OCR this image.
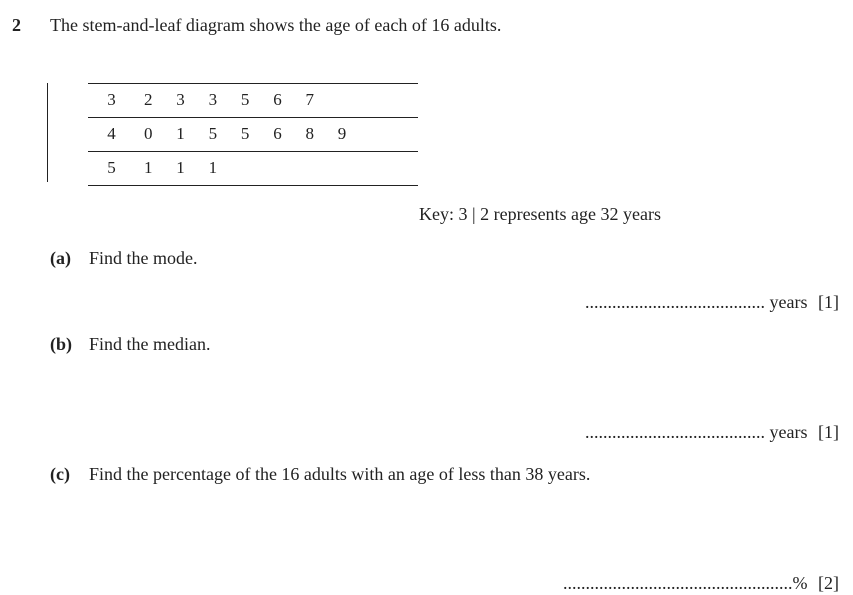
2 The stem-and-leaf diagram shows the age of each of 16 adults.
3	2	3	3	5	6	7
4	0	1	5	5	6	8	9
5	1	1	1
Key: 3 | 2 represents age 32 years
(a) Find the mode.
........................................ years [1]
(b) Find the median.
........................................ years [1]
(c) Find the percentage of the 16 adults with an age of less than 38 years.
...................................................% [2]
